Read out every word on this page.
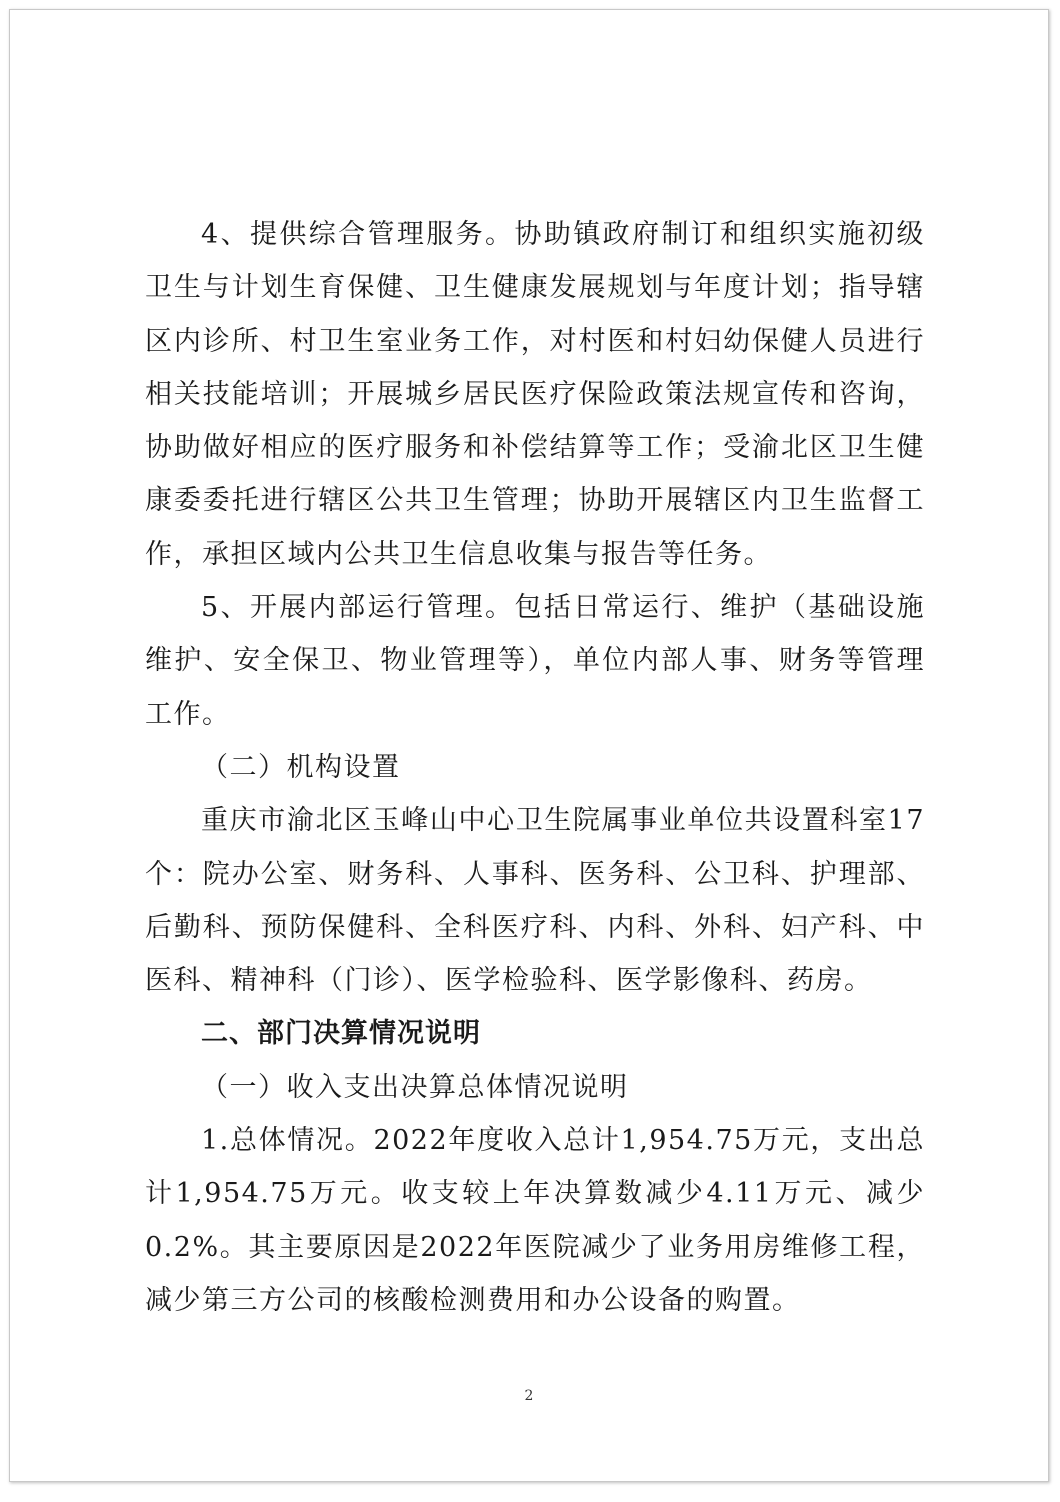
4、提供综合管理服务。协助镇政府制订和组织实施初级卫生与计划生育保健、卫生健康发展规划与年度计划；指导辖区内诊所、村卫生室业务工作，对村医和村妇幼保健人员进行相关技能培训；开展城乡居民医疗保险政策法规宣传和咨询，协助做好相应的医疗服务和补偿结算等工作；受渝北区卫生健康委委托进行辖区公共卫生管理；协助开展辖区内卫生监督工作，承担区域内公共卫生信息收集与报告等任务。

5、开展内部运行管理。包括日常运行、维护（基础设施维护、安全保卫、物业管理等），单位内部人事、财务等管理工作。

（二）机构设置

重庆市渝北区玉峰山中心卫生院属事业单位共设置科室17个：院办公室、财务科、人事科、医务科、公卫科、护理部、后勤科、预防保健科、全科医疗科、内科、外科、妇产科、中医科、精神科（门诊）、医学检验科、医学影像科、药房。

二、部门决算情况说明

（一）收入支出决算总体情况说明

1.总体情况。2022年度收入总计1,954.75万元，支出总计1,954.75万元。收支较上年决算数减少4.11万元、减少0.2%。其主要原因是2022年医院减少了业务用房维修工程，减少第三方公司的核酸检测费用和办公设备的购置。

2
